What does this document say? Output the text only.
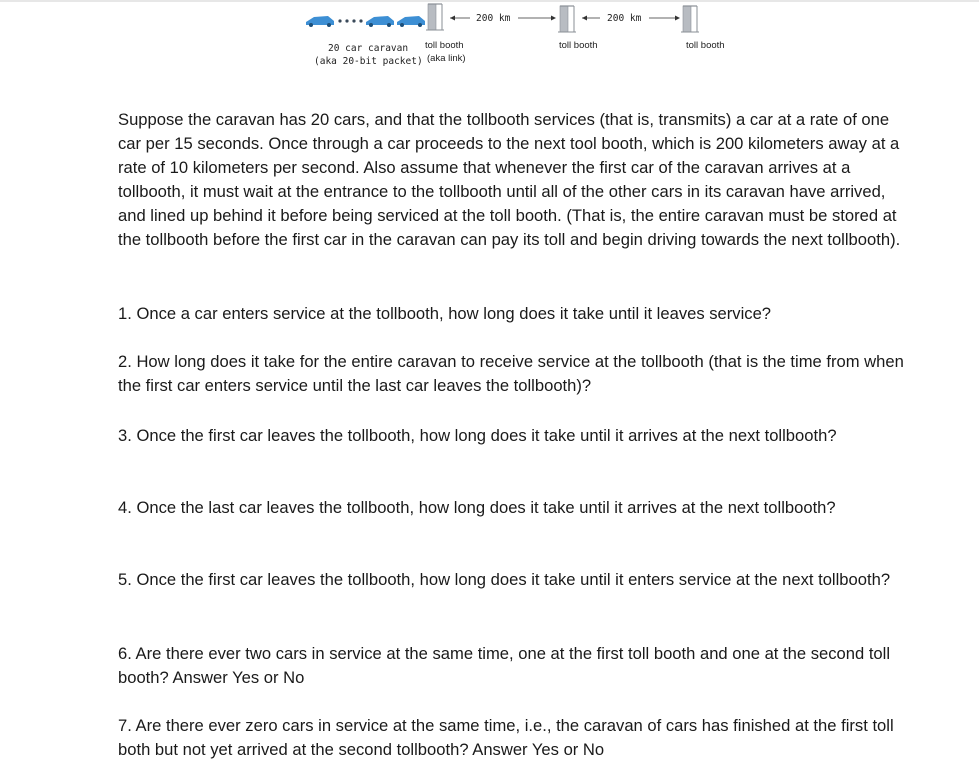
200 km	200 km
20 car caravan
(aka 20-bit packet)
toll booth
(aka link)
toll booth	toll booth

Suppose the caravan has 20 cars, and that the tollbooth services (that is, transmits) a car at a rate of one car per 15 seconds. Once through a car proceeds to the next tool booth, which is 200 kilometers away at a rate of 10 kilometers per second. Also assume that whenever the first car of the caravan arrives at a tollbooth, it must wait at the entrance to the tollbooth until all of the other cars in its caravan have arrived, and lined up behind it before being serviced at the toll booth. (That is, the entire caravan must be stored at the tollbooth before the first car in the caravan can pay its toll and begin driving towards the next tollbooth).

1. Once a car enters service at the tollbooth, how long does it take until it leaves service?

2. How long does it take for the entire caravan to receive service at the tollbooth (that is the time from when the first car enters service until the last car leaves the tollbooth)?

3. Once the first car leaves the tollbooth, how long does it take until it arrives at the next tollbooth?

4. Once the last car leaves the tollbooth, how long does it take until it arrives at the next tollbooth?

5. Once the first car leaves the tollbooth, how long does it take until it enters service at the next tollbooth?

6. Are there ever two cars in service at the same time, one at the first toll booth and one at the second toll booth? Answer Yes or No

7. Are there ever zero cars in service at the same time, i.e., the caravan of cars has finished at the first toll both but not yet arrived at the second tollbooth? Answer Yes or No
